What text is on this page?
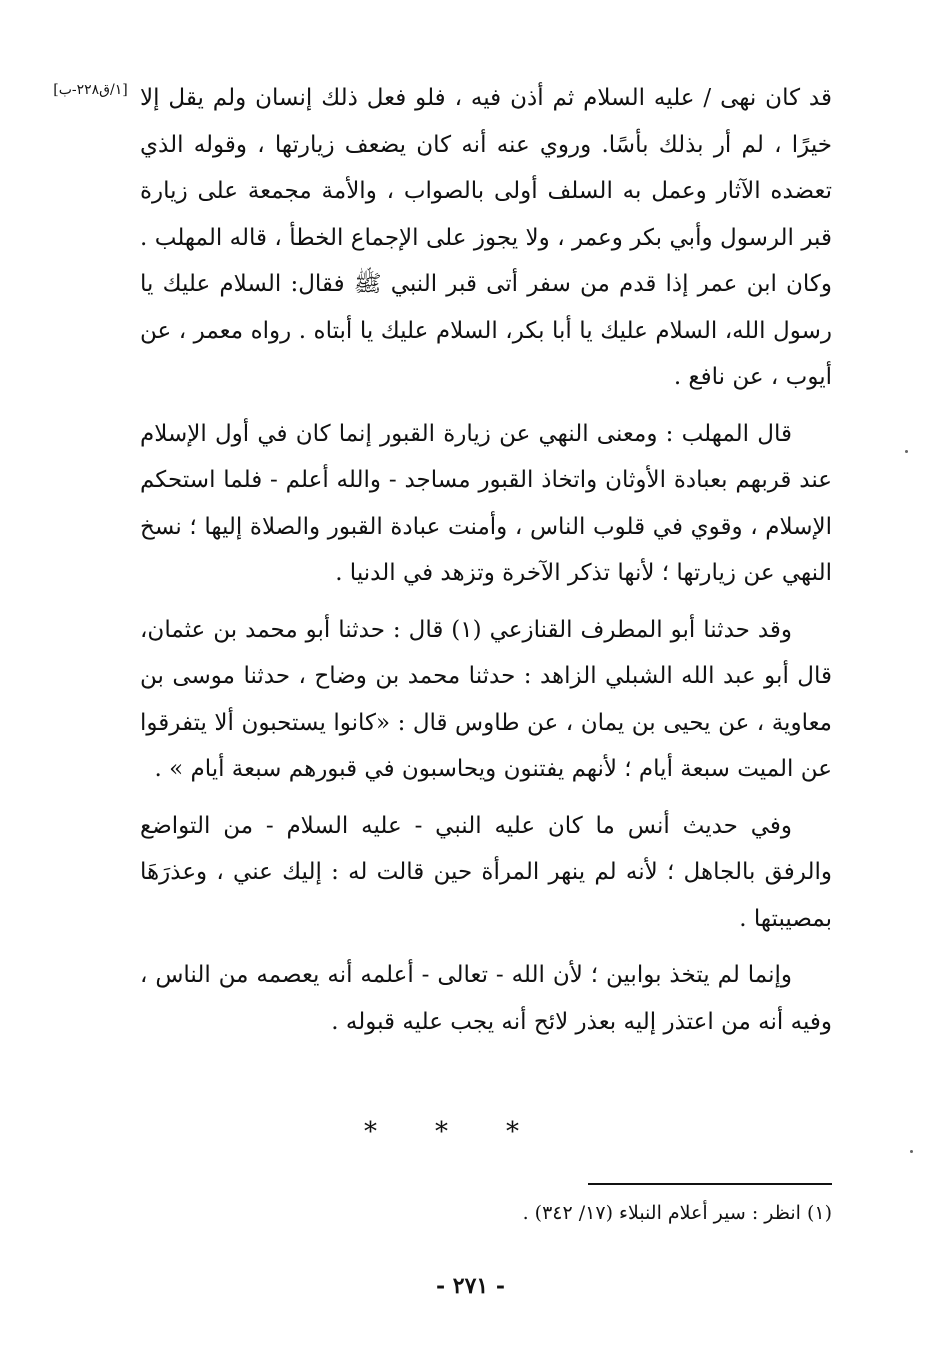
[١/ق٢٢٨-ب] قد كان نهى / عليه السلام ثم أذن فيه ، فلو فعل ذلك إنسان ولم يقل إلا خيرًا ، لم أر بذلك بأسًا. وروي عنه أنه كان يضعف زيارتها ، وقوله الذي تعضده الآثار وعمل به السلف أولى بالصواب ، والأمة مجمعة على زيارة قبر الرسول وأبي بكر وعمر ، ولا يجوز على الإجماع الخطأ ، قاله المهلب . وكان ابن عمر إذا قدم من سفر أتى قبر النبي ﷺ فقال: السلام عليك يا رسول الله، السلام عليك يا أبا بكر، السلام عليك يا أبتاه . رواه معمر ، عن أيوب ، عن نافع .

قال المهلب : ومعنى النهي عن زيارة القبور إنما كان في أول الإسلام عند قربهم بعبادة الأوثان واتخاذ القبور مساجد - والله أعلم - فلما استحكم الإسلام ، وقوي في قلوب الناس ، وأمنت عبادة القبور والصلاة إليها ؛ نسخ النهي عن زيارتها ؛ لأنها تذكر الآخرة وتزهد في الدنيا .

وقد حدثنا أبو المطرف القنازعي (١) قال : حدثنا أبو محمد بن عثمان، قال أبو عبد الله الشبلي الزاهد : حدثنا محمد بن وضاح ، حدثنا موسى بن معاوية ، عن يحيى بن يمان ، عن طاوس قال : «كانوا يستحبون ألا يتفرقوا عن الميت سبعة أيام ؛ لأنهم يفتنون ويحاسبون في قبورهم سبعة أيام » .

وفي حديث أنس ما كان عليه النبي - عليه السلام - من التواضع والرفق بالجاهل ؛ لأنه لم ينهر المرأة حين قالت له : إليك عني ، وعذرَهَا بمصيبتها .

وإنما لم يتخذ بوابين ؛ لأن الله - تعالى - أعلمه أنه يعصمه من الناس ، وفيه أنه من اعتذر إليه بعذر لائح أنه يجب عليه قبوله .

***
(١) انظر : سير أعلام النبلاء (١٧/ ٣٤٢) .
- ٢٧١ -
